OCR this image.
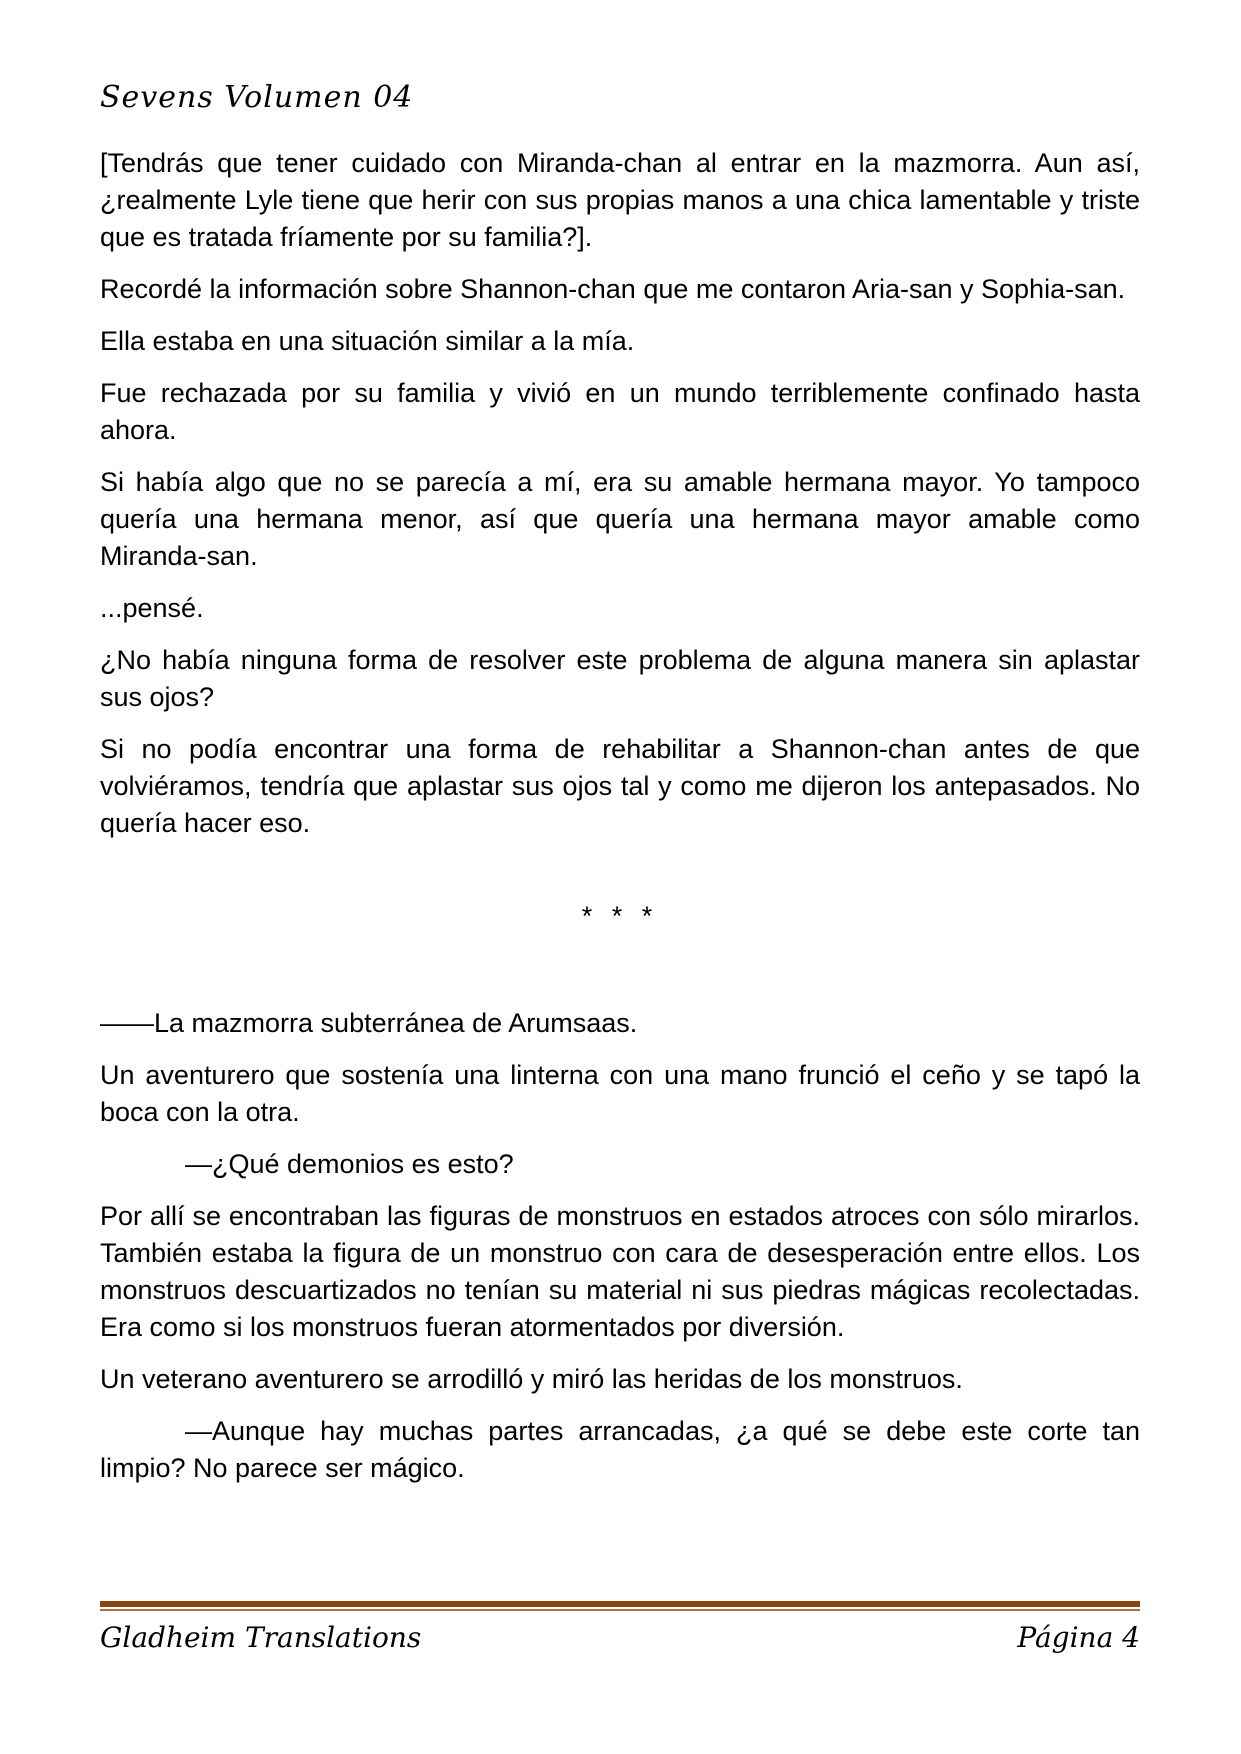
Sevens Volumen 04

[Tendrás que tener cuidado con Miranda-chan al entrar en la mazmorra. Aun así, ¿realmente Lyle tiene que herir con sus propias manos a una chica lamentable y triste que es tratada fríamente por su familia?].

Recordé la información sobre Shannon-chan que me contaron Aria-san y Sophia-san.

Ella estaba en una situación similar a la mía.

Fue rechazada por su familia y vivió en un mundo terriblemente confinado hasta ahora.

Si había algo que no se parecía a mí, era su amable hermana mayor. Yo tampoco quería una hermana menor, así que quería una hermana mayor amable como Miranda-san.

...pensé.

¿No había ninguna forma de resolver este problema de alguna manera sin aplastar sus ojos?

Si no podía encontrar una forma de rehabilitar a Shannon-chan antes de que volviéramos, tendría que aplastar sus ojos tal y como me dijeron los antepasados. No quería hacer eso.

* * *

——La mazmorra subterránea de Arumsaas.

Un aventurero que sostenía una linterna con una mano frunció el ceño y se tapó la boca con la otra.

—¿Qué demonios es esto?

Por allí se encontraban las figuras de monstruos en estados atroces con sólo mirarlos. También estaba la figura de un monstruo con cara de desesperación entre ellos. Los monstruos descuartizados no tenían su material ni sus piedras mágicas recolectadas. Era como si los monstruos fueran atormentados por diversión.

Un veterano aventurero se arrodilló y miró las heridas de los monstruos.

—Aunque hay muchas partes arrancadas, ¿a qué se debe este corte tan limpio? No parece ser mágico.

Gladheim Translations	Página 4
